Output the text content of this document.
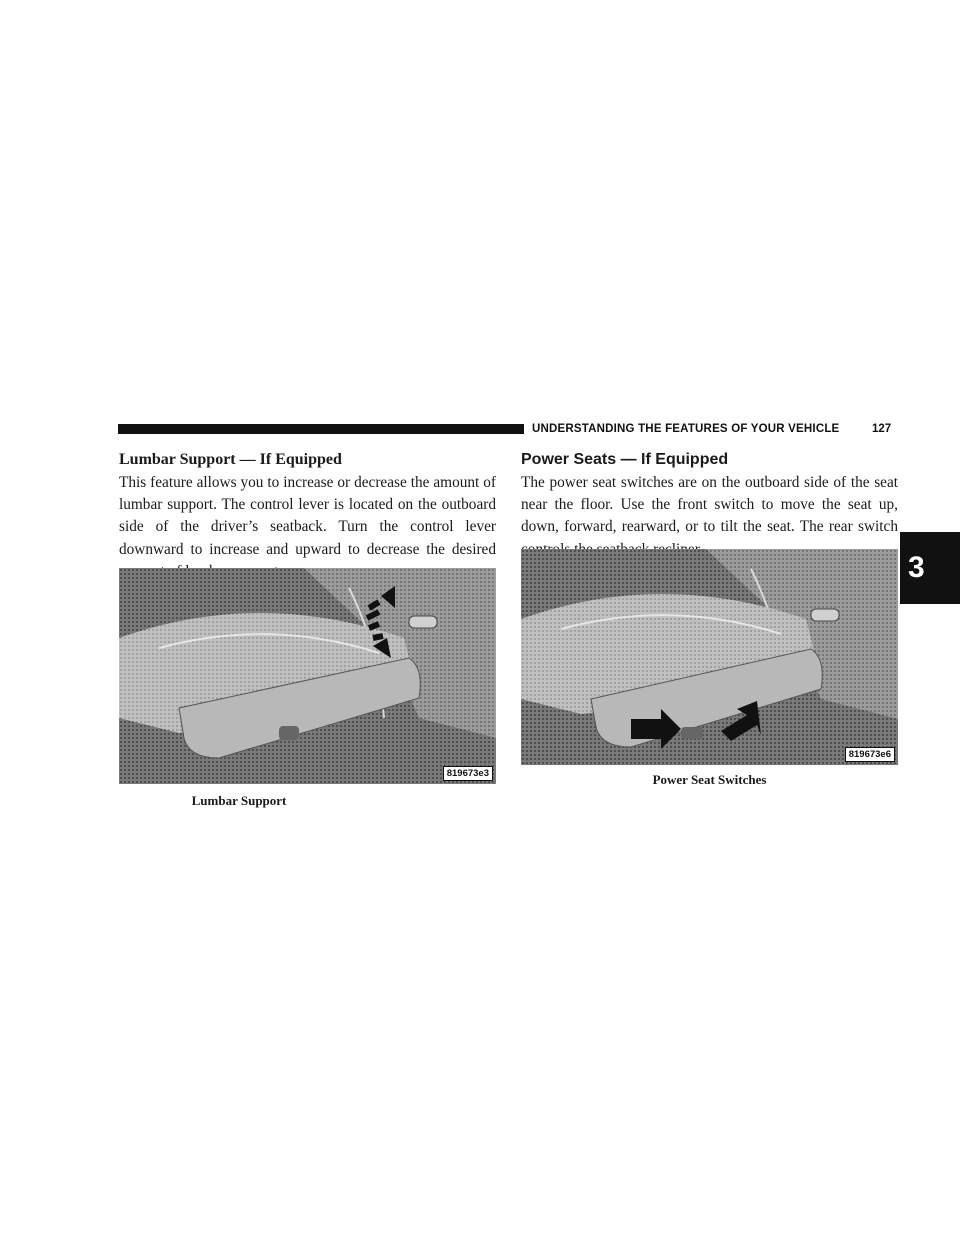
UNDERSTANDING THE FEATURES OF YOUR VEHICLE	127
3
Lumbar Support — If Equipped

This feature allows you to increase or decrease the amount of lumbar support. The control lever is located on the outboard side of the driver’s seatback. Turn the control lever downward to increase and upward to decrease the desired

819673e3
Lumbar Support
Power Seats — If Equipped

The power seat switches are on the outboard side of the seat near the floor. Use the front switch to move the seat up, down, forward, rearward, or to tilt the seat. The rear switch

819673e6
Power Seat Switches
